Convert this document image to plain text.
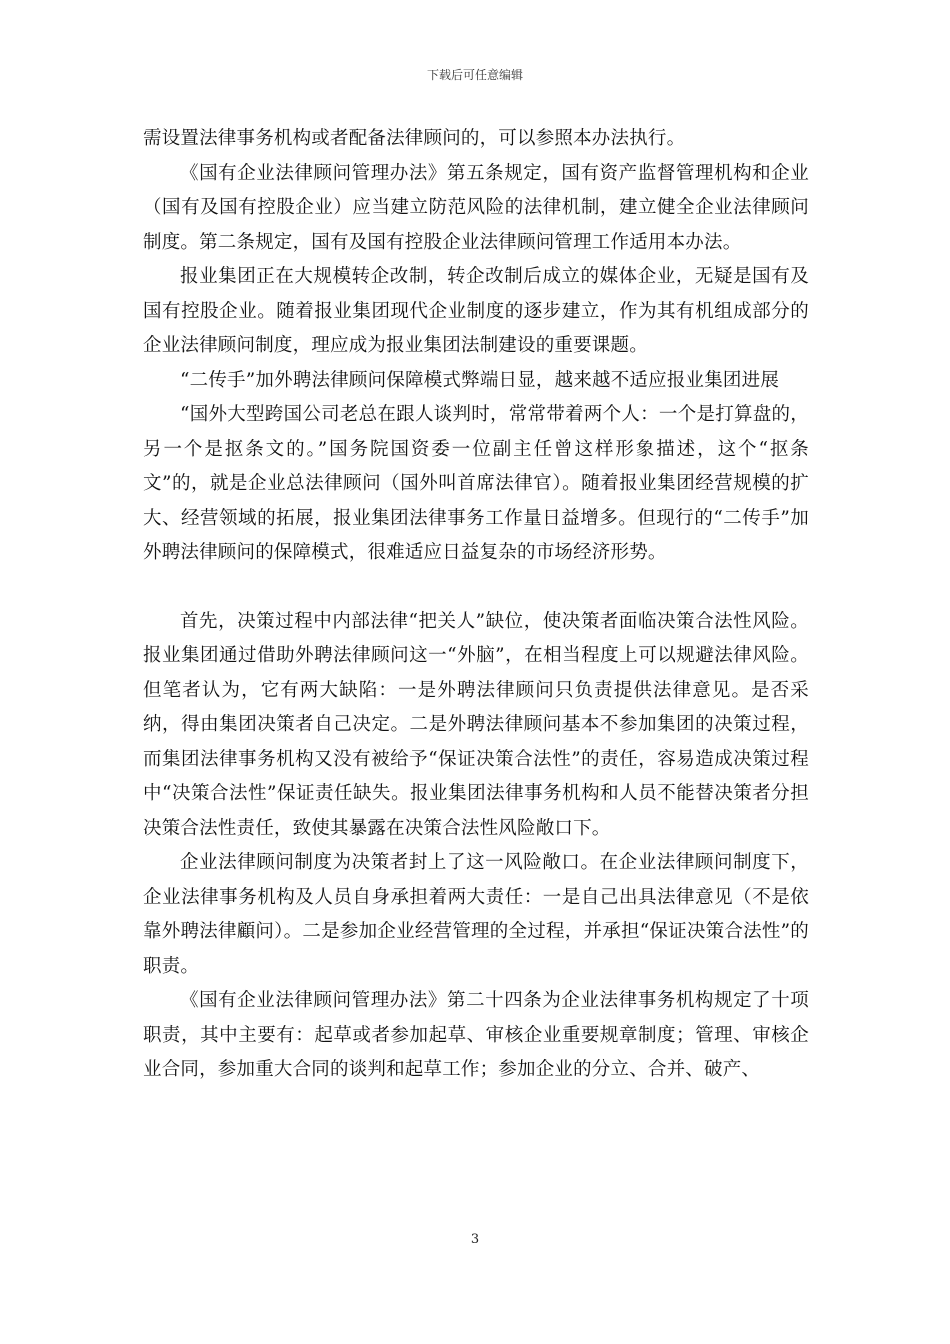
下载后可任意编辑

需设置法律事务机构或者配备法律顾问的，可以参照本办法执行。

《国有企业法律顾问管理办法》第五条规定，国有资产监督管理机构和企业（国有及国有控股企业）应当建立防范风险的法律机制，建立健全企业法律顾问制度。第二条规定，国有及国有控股企业法律顾问管理工作适用本办法。

报业集团正在大规模转企改制，转企改制后成立的媒体企业，无疑是国有及国有控股企业。随着报业集团现代企业制度的逐步建立，作为其有机组成部分的企业法律顾问制度，理应成为报业集团法制建设的重要课题。

“二传手”加外聘法律顾问保障模式弊端日显，越来越不适应报业集团进展

“国外大型跨国公司老总在跟人谈判时，常常带着两个人：一个是打算盘的，另一个是抠条文的。”国务院国资委一位副主任曾这样形象描述，这个“抠条文”的，就是企业总法律顾问（国外叫首席法律官）。随着报业集团经营规模的扩大、经营领域的拓展，报业集团法律事务工作量日益增多。但现行的“二传手”加外聘法律顾问的保障模式，很难适应日益复杂的市场经济形势。

首先，决策过程中内部法律“把关人”缺位，使决策者面临决策合法性风险。报业集团通过借助外聘法律顾问这一“外脑”，在相当程度上可以规避法律风险。但笔者认为，它有两大缺陷：一是外聘法律顾问只负责提供法律意见。是否采纳，得由集团决策者自己决定。二是外聘法律顾问基本不参加集团的决策过程，而集团法律事务机构又没有被给予“保证决策合法性”的责任，容易造成决策过程中“决策合法性”保证责任缺失。报业集团法律事务机构和人员不能替决策者分担决策合法性责任，致使其暴露在决策合法性风险敞口下。

企业法律顾问制度为决策者封上了这一风险敞口。在企业法律顾问制度下，企业法律事务机构及人员自身承担着两大责任：一是自己出具法律意见（不是依靠外聘法律顧问）。二是参加企业经营管理的全过程，并承担“保证决策合法性”的职责。

《国有企业法律顾问管理办法》第二十四条为企业法律事务机构规定了十项职责，其中主要有：起草或者参加起草、审核企业重要规章制度；管理、审核企业合同，参加重大合同的谈判和起草工作；参加企业的分立、合并、破产、

3
